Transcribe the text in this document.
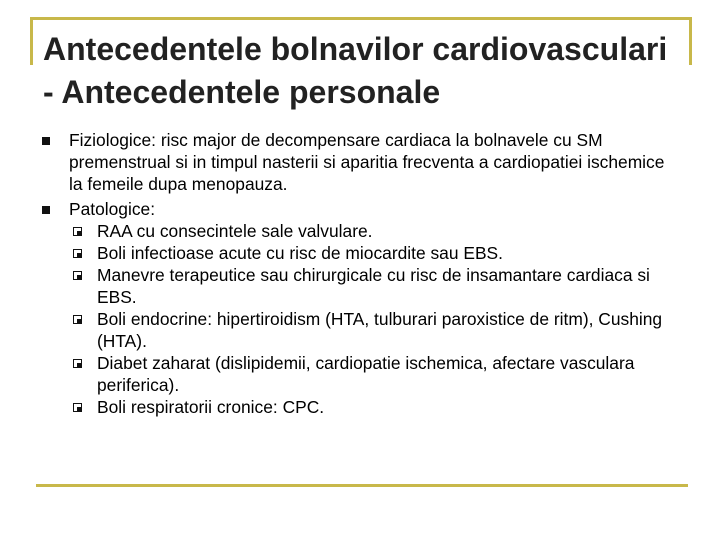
Antecedentele bolnavilor cardiovasculari - Antecedentele personale
Fiziologice: risc major de decompensare cardiaca la bolnavele cu SM premenstrual si in timpul nasterii si aparitia frecventa a cardiopatiei ischemice la femeile dupa menopauza.
Patologice:
RAA cu consecintele sale valvulare.
Boli infectioase acute cu risc de miocardite sau EBS.
Manevre terapeutice sau chirurgicale cu risc de insamantare cardiaca si EBS.
Boli endocrine: hipertiroidism (HTA, tulburari paroxistice de ritm), Cushing (HTA).
Diabet zaharat (dislipidemii, cardiopatie ischemica, afectare vasculara periferica).
Boli respiratorii cronice: CPC.
